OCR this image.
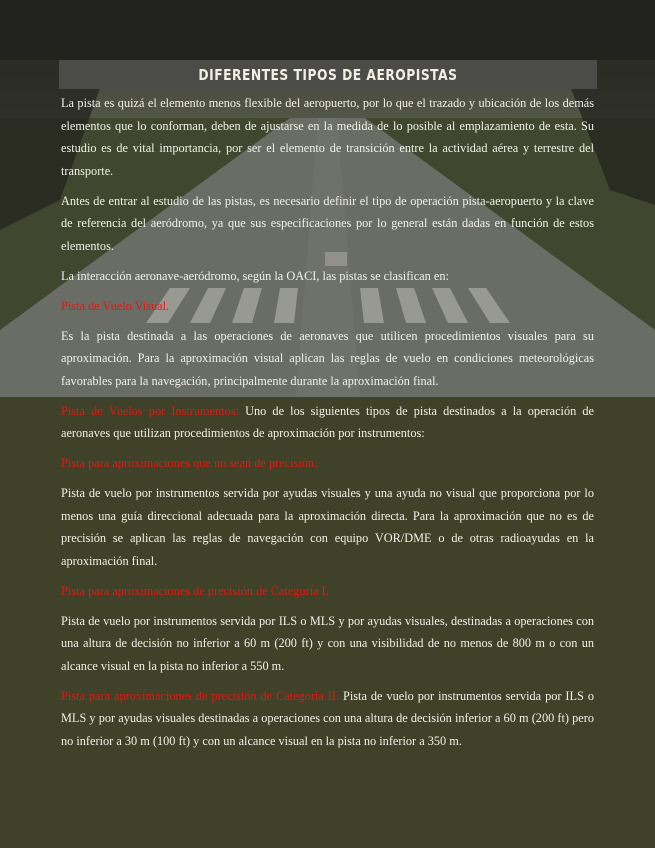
DIFERENTES TIPOS DE AEROPISTAS

La pista es quizá el elemento menos flexible del aeropuerto, por lo que el trazado y ubicación de los demás elementos que lo conforman, deben de ajustarse en la medida de lo posible al emplazamiento de esta. Su estudio es de vital importancia, por ser el elemento de transición entre la actividad aérea y terrestre del transporte.

Antes de entrar al estudio de las pistas, es necesario definir el tipo de operación pista-aeropuerto y la clave de referencia del aeródromo, ya que sus especificaciones por lo general están dadas en función de estos elementos.

La interacción aeronave-aeródromo, según la OACI, las pistas se clasifican en:

Pista de Vuelo Visual.

Es la pista destinada a las operaciones de aeronaves que utilicen procedimientos visuales para su aproximación. Para la aproximación visual aplican las reglas de vuelo en condiciones meteorológicas favorables para la navegación, principalmente durante la aproximación final.

Pista de Vuelos por Instrumentos: Uno de los siguientes tipos de pista destinados a la operación de aeronaves que utilizan procedimientos de aproximación por instrumentos:

Pista para aproximaciones que no sean de precisión.

Pista de vuelo por instrumentos servida por ayudas visuales y una ayuda no visual que proporciona por lo menos una guía direccional adecuada para la aproximación directa. Para la aproximación que no es de precisión se aplican las reglas de navegación con equipo VOR/DME o de otras radioayudas en la aproximación final.

Pista para aproximaciones de precisión de Categoría I.

Pista de vuelo por instrumentos servida por ILS o MLS y por ayudas visuales, destinadas a operaciones con una altura de decisión no inferior a 60 m (200 ft) y con una visibilidad de no menos de 800 m o con un alcance visual en la pista no inferior a 550 m.

Pista para aproximaciones de precisión de Categoría II. Pista de vuelo por instrumentos servida por ILS o MLS y por ayudas visuales destinadas a operaciones con una altura de decisión inferior a 60 m (200 ft) pero no inferior a 30 m (100 ft) y con un alcance visual en la pista no inferior a 350 m.
